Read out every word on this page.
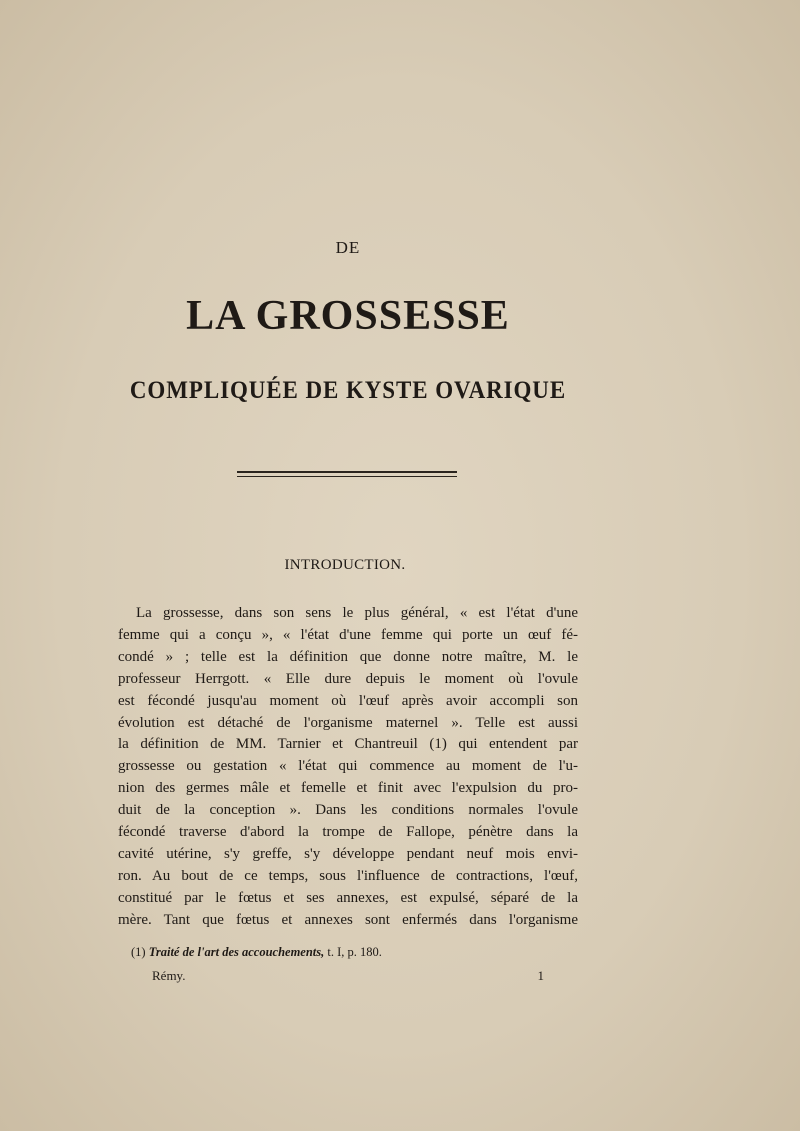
DE
LA GROSSESSE
COMPLIQUÉE DE KYSTE OVARIQUE
INTRODUCTION.
La grossesse, dans son sens le plus général, « est l'état d'une
femme qui a conçu », « l'état d'une femme qui porte un œuf fé-
condé » ; telle est la définition que donne notre maître, M. le
professeur Herrgott. « Elle dure depuis le moment où l'ovule
est fécondé jusqu'au moment où l'œuf après avoir accompli son
évolution est détaché de l'organisme maternel ». Telle est aussi
la définition de MM. Tarnier et Chantreuil (1) qui entendent par
grossesse ou gestation « l'état qui commence au moment de l'u-
nion des germes mâle et femelle et finit avec l'expulsion du pro-
duit de la conception ». Dans les conditions normales l'ovule
fécondé traverse d'abord la trompe de Fallope, pénètre dans la
cavité utérine, s'y greffe, s'y développe pendant neuf mois envi-
ron. Au bout de ce temps, sous l'influence de contractions, l'œuf,
constitué par le fœtus et ses annexes, est expulsé, séparé de la
mère. Tant que fœtus et annexes sont enfermés dans l'organisme
(1) Traité de l'art des accouchements, t. I, p. 180.
Rémy.	1
